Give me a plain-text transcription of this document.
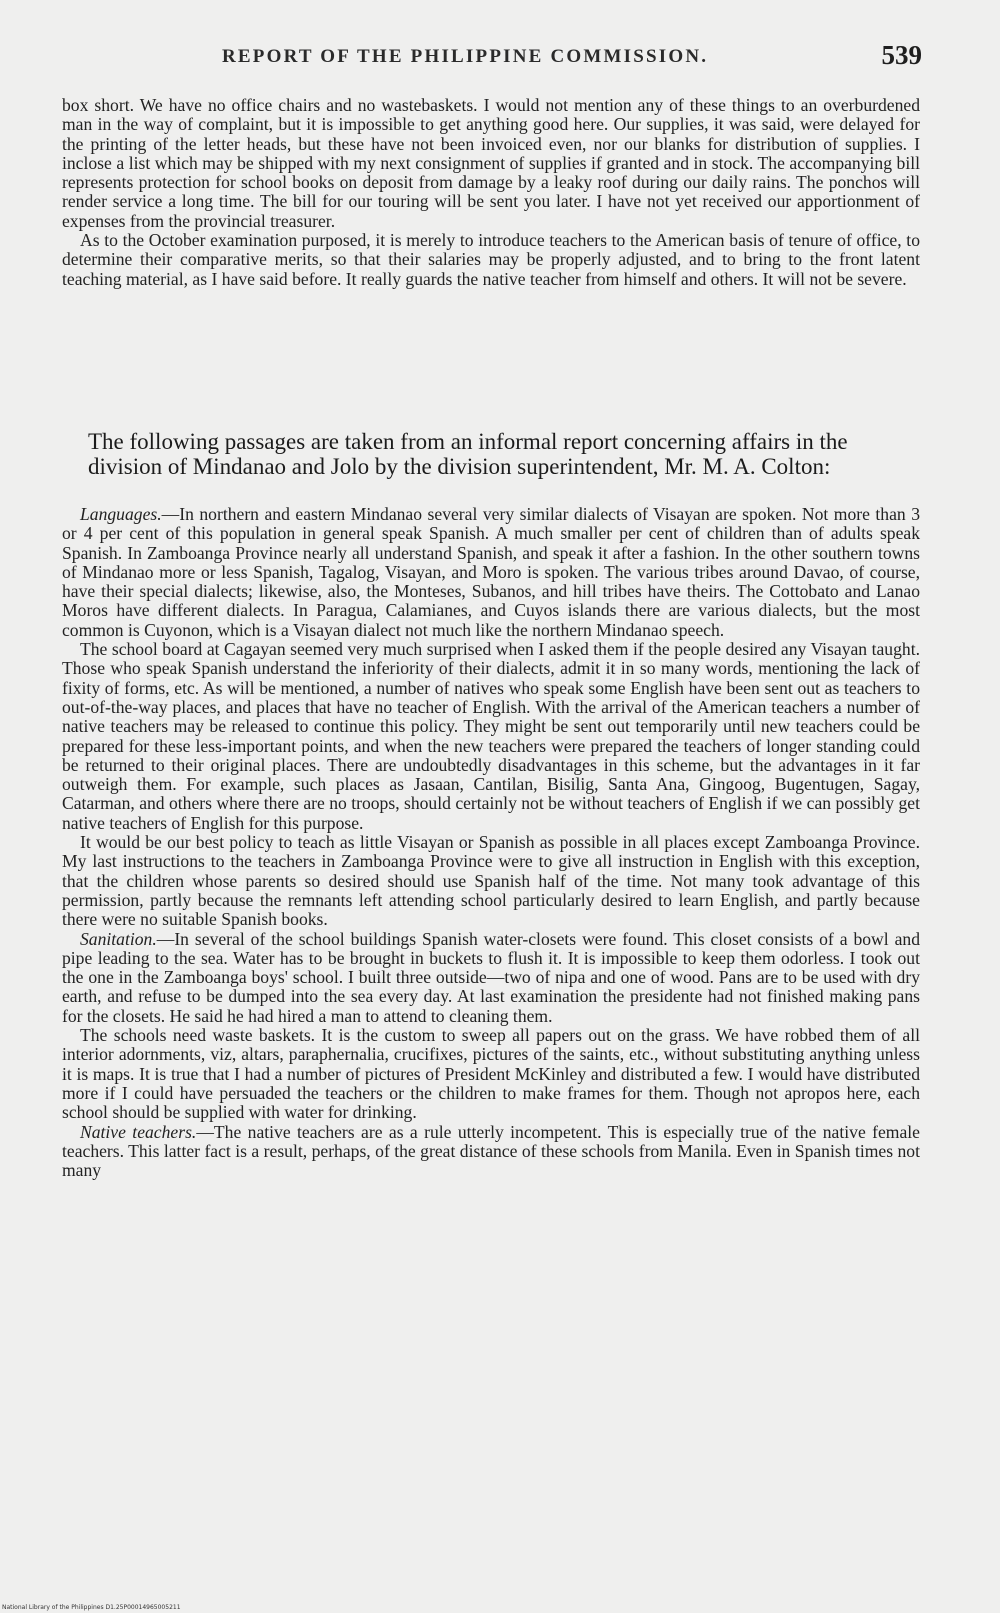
REPORT OF THE PHILIPPINE COMMISSION.	539

box short. We have no office chairs and no wastebaskets. I would not mention any of these things to an overburdened man in the way of complaint, but it is impossible to get anything good here. Our supplies, it was said, were delayed for the printing of the letter heads, but these have not been invoiced even, nor our blanks for distribution of supplies. I inclose a list which may be shipped with my next consignment of supplies if granted and in stock. The accompanying bill represents protection for school books on deposit from damage by a leaky roof during our daily rains. The ponchos will render service a long time. The bill for our touring will be sent you later. I have not yet received our apportionment of expenses from the provincial treasurer.

As to the October examination purposed, it is merely to introduce teachers to the American basis of tenure of office, to determine their comparative merits, so that their salaries may be properly adjusted, and to bring to the front latent teaching material, as I have said before. It really guards the native teacher from himself and others. It will not be severe.

The following passages are taken from an informal report concerning affairs in the division of Mindanao and Jolo by the division superintendent, Mr. M. A. Colton:

Languages.—In northern and eastern Mindanao several very similar dialects of Visayan are spoken. Not more than 3 or 4 per cent of this population in general speak Spanish. A much smaller per cent of children than of adults speak Spanish. In Zamboanga Province nearly all understand Spanish, and speak it after a fashion. In the other southern towns of Mindanao more or less Spanish, Tagalog, Visayan, and Moro is spoken. The various tribes around Davao, of course, have their special dialects; likewise, also, the Monteses, Subanos, and hill tribes have theirs. The Cottobato and Lanao Moros have different dialects. In Paragua, Calamianes, and Cuyos islands there are various dialects, but the most common is Cuyonon, which is a Visayan dialect not much like the northern Mindanao speech.

The school board at Cagayan seemed very much surprised when I asked them if the people desired any Visayan taught. Those who speak Spanish understand the inferiority of their dialects, admit it in so many words, mentioning the lack of fixity of forms, etc. As will be mentioned, a number of natives who speak some English have been sent out as teachers to out-of-the-way places, and places that have no teacher of English. With the arrival of the American teachers a number of native teachers may be released to continue this policy. They might be sent out temporarily until new teachers could be prepared for these less-important points, and when the new teachers were prepared the teachers of longer standing could be returned to their original places. There are undoubtedly disadvantages in this scheme, but the advantages in it far outweigh them. For example, such places as Jasaan, Cantilan, Bisilig, Santa Ana, Gingoog, Bugentugen, Sagay, Catarman, and others where there are no troops, should certainly not be without teachers of English if we can possibly get native teachers of English for this purpose.

It would be our best policy to teach as little Visayan or Spanish as possible in all places except Zamboanga Province. My last instructions to the teachers in Zamboanga Province were to give all instruction in English with this exception, that the children whose parents so desired should use Spanish half of the time. Not many took advantage of this permission, partly because the remnants left attending school particularly desired to learn English, and partly because there were no suitable Spanish books.

Sanitation.—In several of the school buildings Spanish water-closets were found. This closet consists of a bowl and pipe leading to the sea. Water has to be brought in buckets to flush it. It is impossible to keep them odorless. I took out the one in the Zamboanga boys' school. I built three outside—two of nipa and one of wood. Pans are to be used with dry earth, and refuse to be dumped into the sea every day. At last examination the presidente had not finished making pans for the closets. He said he had hired a man to attend to cleaning them.

The schools need waste baskets. It is the custom to sweep all papers out on the grass. We have robbed them of all interior adornments, viz, altars, paraphernalia, crucifixes, pictures of the saints, etc., without substituting anything unless it is maps. It is true that I had a number of pictures of President McKinley and distributed a few. I would have distributed more if I could have persuaded the teachers or the children to make frames for them. Though not apropos here, each school should be supplied with water for drinking.

Native teachers.—The native teachers are as a rule utterly incompetent. This is especially true of the native female teachers. This latter fact is a result, perhaps, of the great distance of these schools from Manila. Even in Spanish times not many

National Library of the Philippines D1.25P00014965005211
